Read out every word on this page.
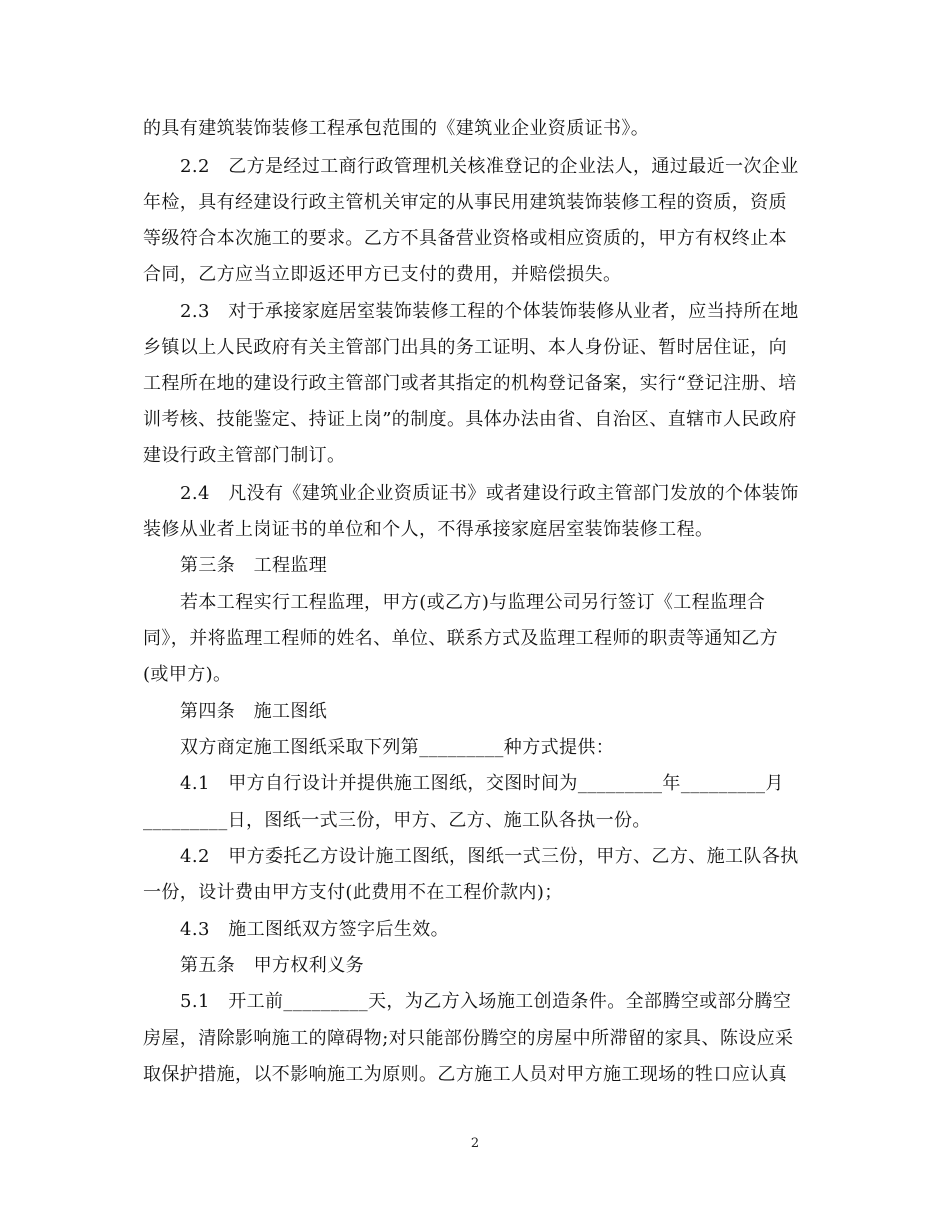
的具有建筑装饰装修工程承包范围的《建筑业企业资质证书》。
2.2　乙方是经过工商行政管理机关核准登记的企业法人，通过最近一次企业
年检，具有经建设行政主管机关审定的从事民用建筑装饰装修工程的资质，资质
等级符合本次施工的要求。乙方不具备营业资格或相应资质的，甲方有权终止本
合同，乙方应当立即返还甲方已支付的费用，并赔偿损失。
2.3　对于承接家庭居室装饰装修工程的个体装饰装修从业者，应当持所在地
乡镇以上人民政府有关主管部门出具的务工证明、本人身份证、暂时居住证，向
工程所在地的建设行政主管部门或者其指定的机构登记备案，实行“登记注册、培
训考核、技能鉴定、持证上岗”的制度。具体办法由省、自治区、直辖市人民政府
建设行政主管部门制订。
2.4　凡没有《建筑业企业资质证书》或者建设行政主管部门发放的个体装饰
装修从业者上岗证书的单位和个人，不得承接家庭居室装饰装修工程。
第三条　工程监理
若本工程实行工程监理，甲方(或乙方)与监理公司另行签订《工程监理合
同》，并将监理工程师的姓名、单位、联系方式及监理工程师的职责等通知乙方
(或甲方)。
第四条　施工图纸
双方商定施工图纸采取下列第_________种方式提供：
4.1　甲方自行设计并提供施工图纸，交图时间为_________年_________月
_________日，图纸一式三份，甲方、乙方、施工队各执一份。
4.2　甲方委托乙方设计施工图纸，图纸一式三份，甲方、乙方、施工队各执
一份，设计费由甲方支付(此费用不在工程价款内)；
4.3　施工图纸双方签字后生效。
第五条　甲方权利义务
5.1　开工前_________天，为乙方入场施工创造条件。全部腾空或部分腾空
房屋，清除影响施工的障碍物;对只能部份腾空的房屋中所滞留的家具、陈设应采
取保护措施，以不影响施工为原则。乙方施工人员对甲方施工现场的牲口应认真
2
